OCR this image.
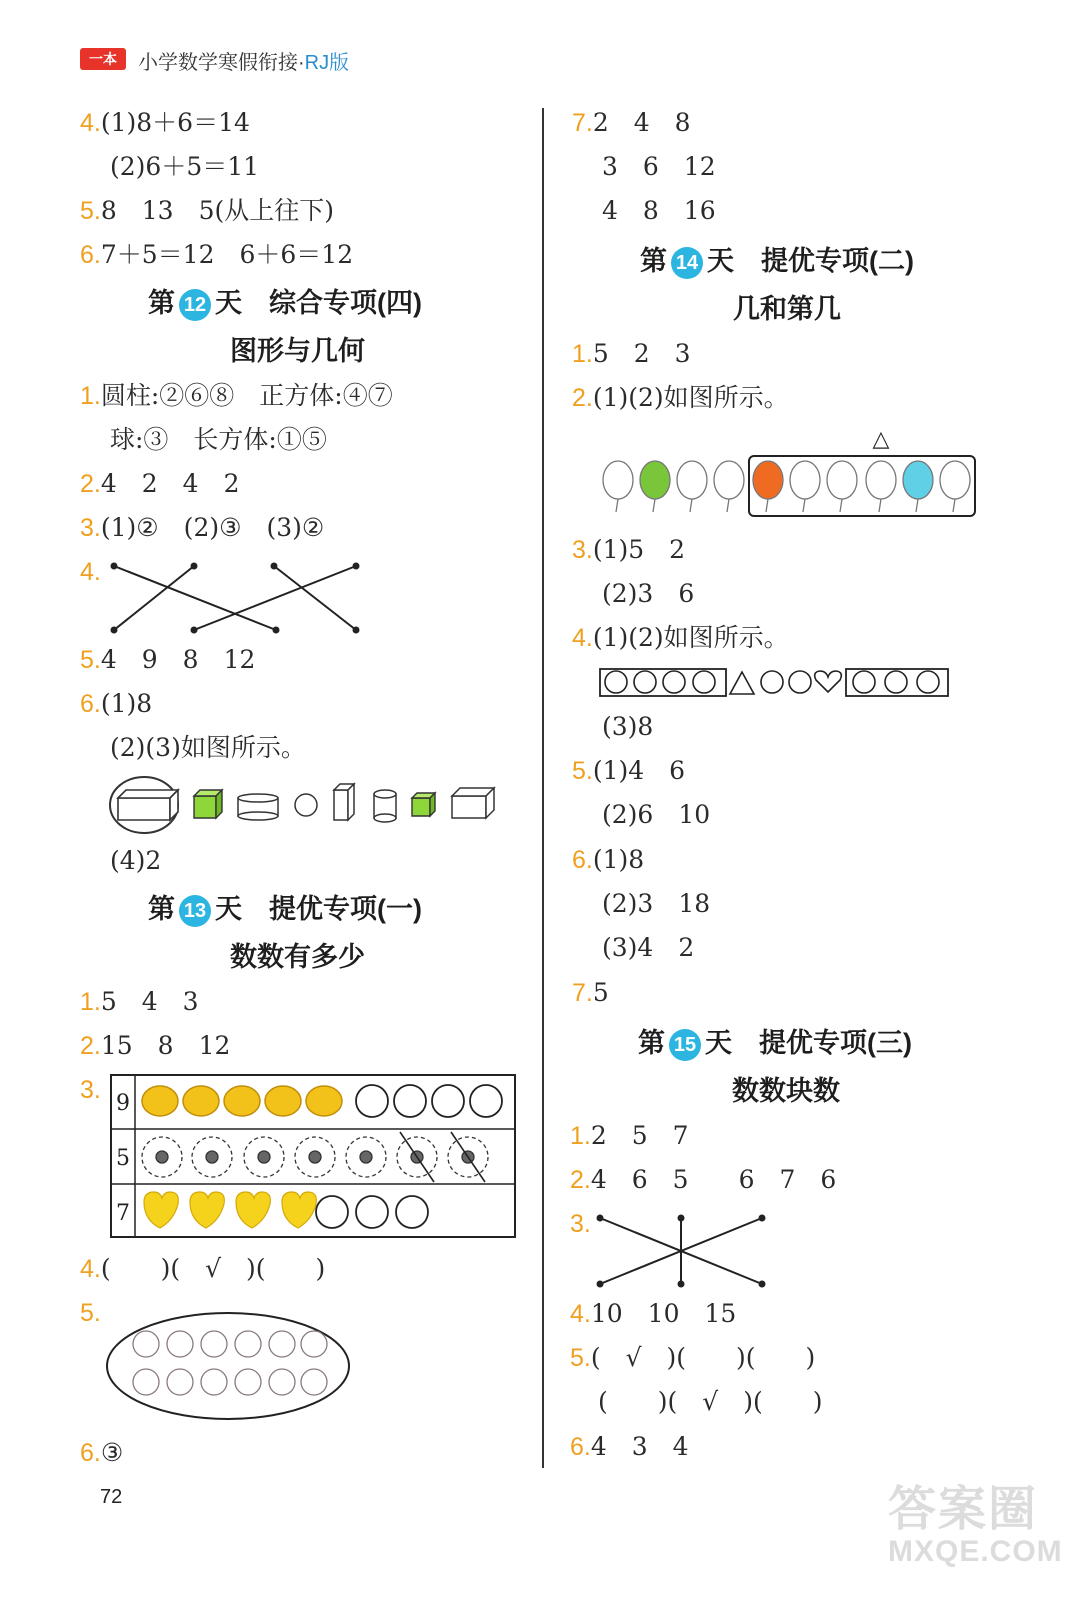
一本	小学数学寒假衔接·RJ版
4.(1)8＋6＝14
(2)6＋5＝11
5.8　13　5(从上往下)
6.7＋5＝12　6＋6＝12
第 12 天　综合专项(四)
图形与几何
1.圆柱:②⑥⑧　正方体:④⑦
球:③　长方体:①⑤
2.4　2　4　2
3.(1)②　(2)③　(3)②
4.
5.4　9　8　12
6.(1)8
(2)(3)如图所示。
(4)2
第 13 天　提优专项(一)
数数有多少
1.5　4　3
2.15　8　12
3. 9
5
7
4.(　　)(　√　)(　　)
5.
6.③
72
7.2　4　8
3　6　12
4　8　16
第 14 天　提优专项(二)
几和第几
1.5　2　3
2.(1)(2)如图所示。
△
3.(1)5　2
(2)3　6
4.(1)(2)如图所示。
(3)8
5.(1)4　6
(2)6　10
6.(1)8
(2)3　18
(3)4　2
7.5
第 15 天　提优专项(三)
数数块数
1.2　5　7
2.4　6　5　　6　7　6
3.
4.10　10　15
5.(　√　)(　　)(　　)
(　　)(　√　)(　　)
6.4　3　4
答案圈
MXQE.COM
